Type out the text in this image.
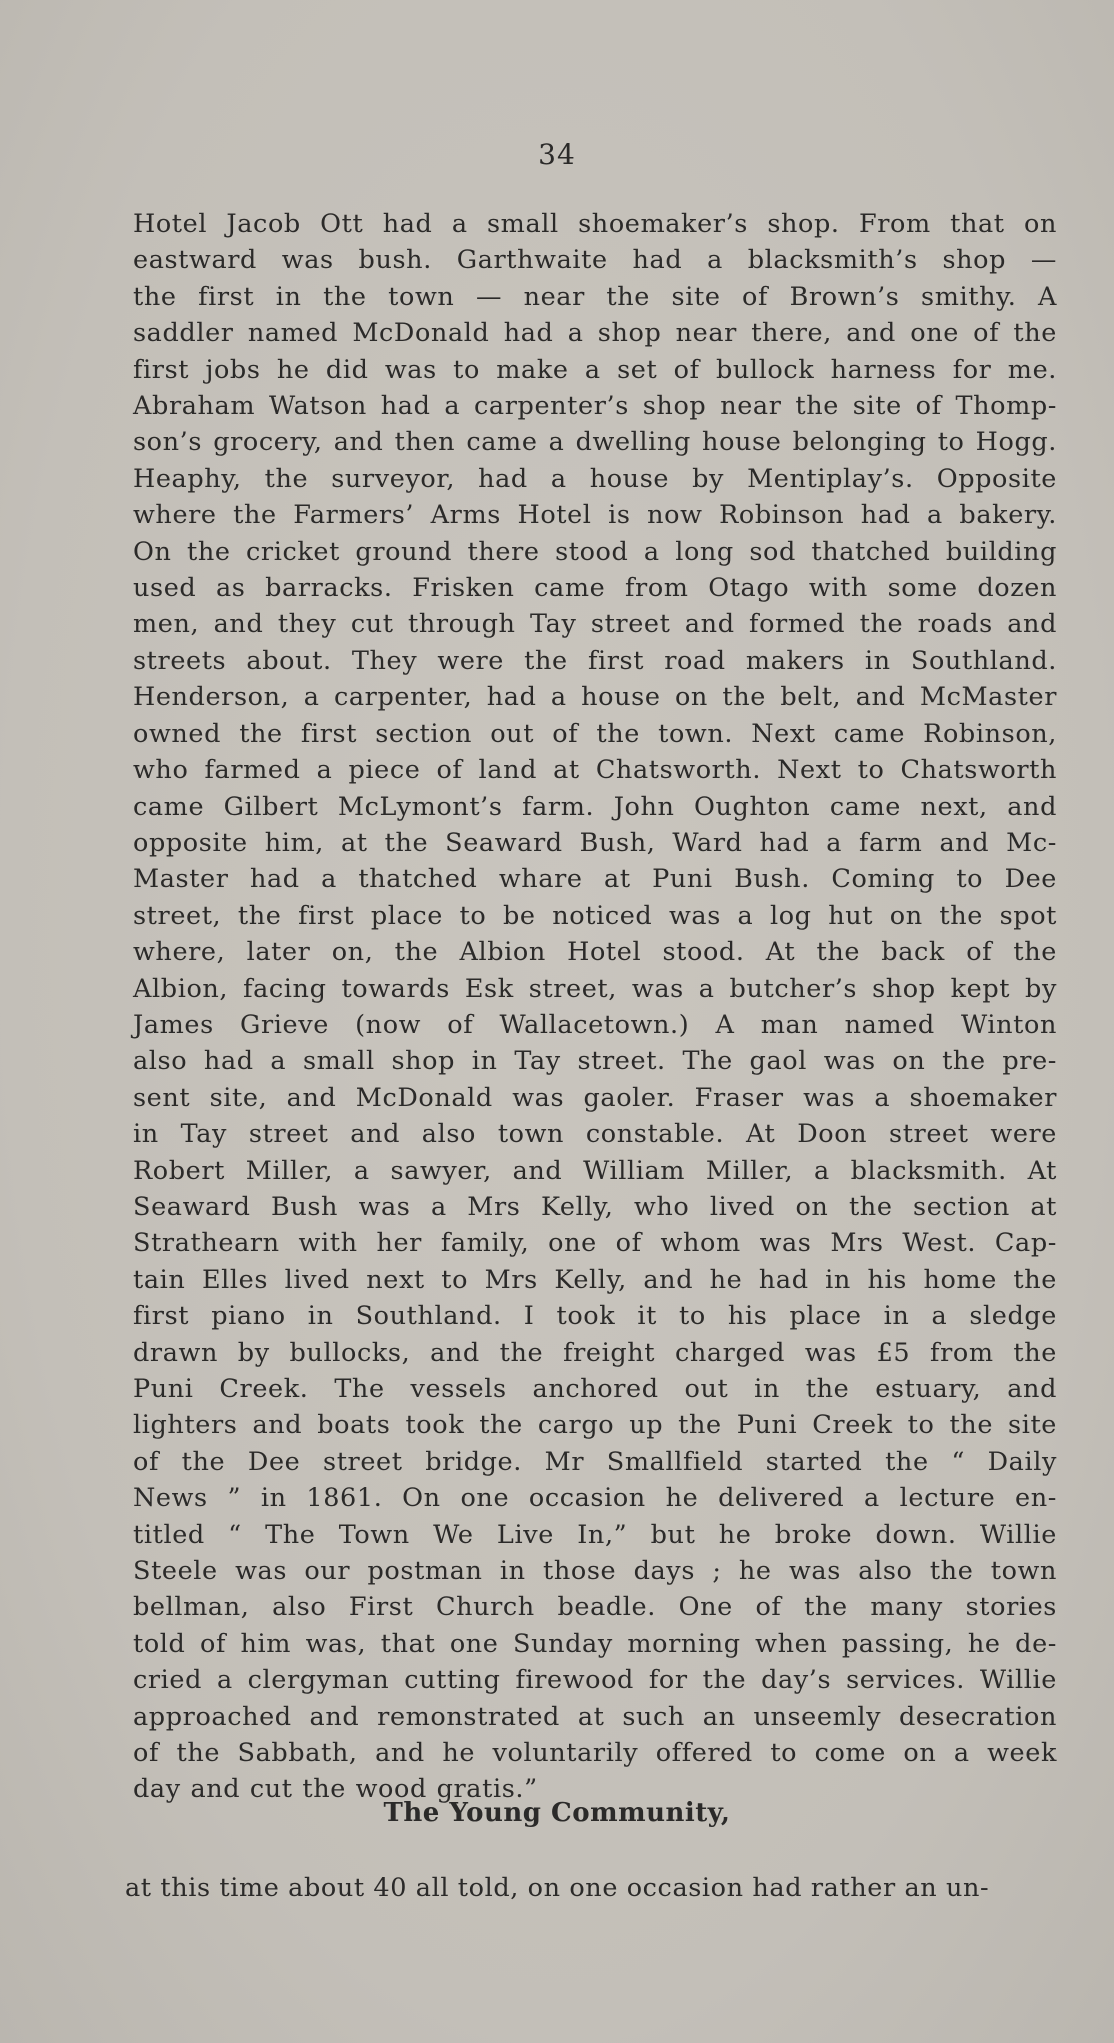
34
Hotel Jacob Ott had a small shoemaker’s shop. From that on
eastward was bush. Garthwaite had a blacksmith’s shop —
the first in the town — near the site of Brown’s smithy. A
saddler named McDonald had a shop near there, and one of the
first jobs he did was to make a set of bullock harness for me.
Abraham Watson had a carpenter’s shop near the site of Thomp-
son’s grocery, and then came a dwelling house belonging to Hogg.
Heaphy, the surveyor, had a house by Mentiplay’s. Opposite
where the Farmers’ Arms Hotel is now Robinson had a bakery.
On the cricket ground there stood a long sod thatched building
used as barracks. Frisken came from Otago with some dozen
men, and they cut through Tay street and formed the roads and
streets about. They were the first road makers in Southland.
Henderson, a carpenter, had a house on the belt, and McMaster
owned the first section out of the town. Next came Robinson,
who farmed a piece of land at Chatsworth. Next to Chatsworth
came Gilbert McLymont’s farm. John Oughton came next, and
opposite him, at the Seaward Bush, Ward had a farm and Mc-
Master had a thatched whare at Puni Bush. Coming to Dee
street, the first place to be noticed was a log hut on the spot
where, later on, the Albion Hotel stood. At the back of the
Albion, facing towards Esk street, was a butcher’s shop kept by
James Grieve (now of Wallacetown.) A man named Winton
also had a small shop in Tay street. The gaol was on the pre-
sent site, and McDonald was gaoler. Fraser was a shoemaker
in Tay street and also town constable. At Doon street were
Robert Miller, a sawyer, and William Miller, a blacksmith. At
Seaward Bush was a Mrs Kelly, who lived on the section at
Strathearn with her family, one of whom was Mrs West. Cap-
tain Elles lived next to Mrs Kelly, and he had in his home the
first piano in Southland. I took it to his place in a sledge
drawn by bullocks, and the freight charged was £5 from the
Puni Creek. The vessels anchored out in the estuary, and
lighters and boats took the cargo up the Puni Creek to the site
of the Dee street bridge. Mr Smallfield started the “ Daily
News ” in 1861. On one occasion he delivered a lecture en-
titled “ The Town We Live In,” but he broke down. Willie
Steele was our postman in those days ; he was also the town
bellman, also First Church beadle. One of the many stories
told of him was, that one Sunday morning when passing, he de-
cried a clergyman cutting firewood for the day’s services. Willie
approached and remonstrated at such an unseemly desecration
of the Sabbath, and he voluntarily offered to come on a week
day and cut the wood gratis.”
The Young Community,
at this time about 40 all told, on one occasion had rather an un-
